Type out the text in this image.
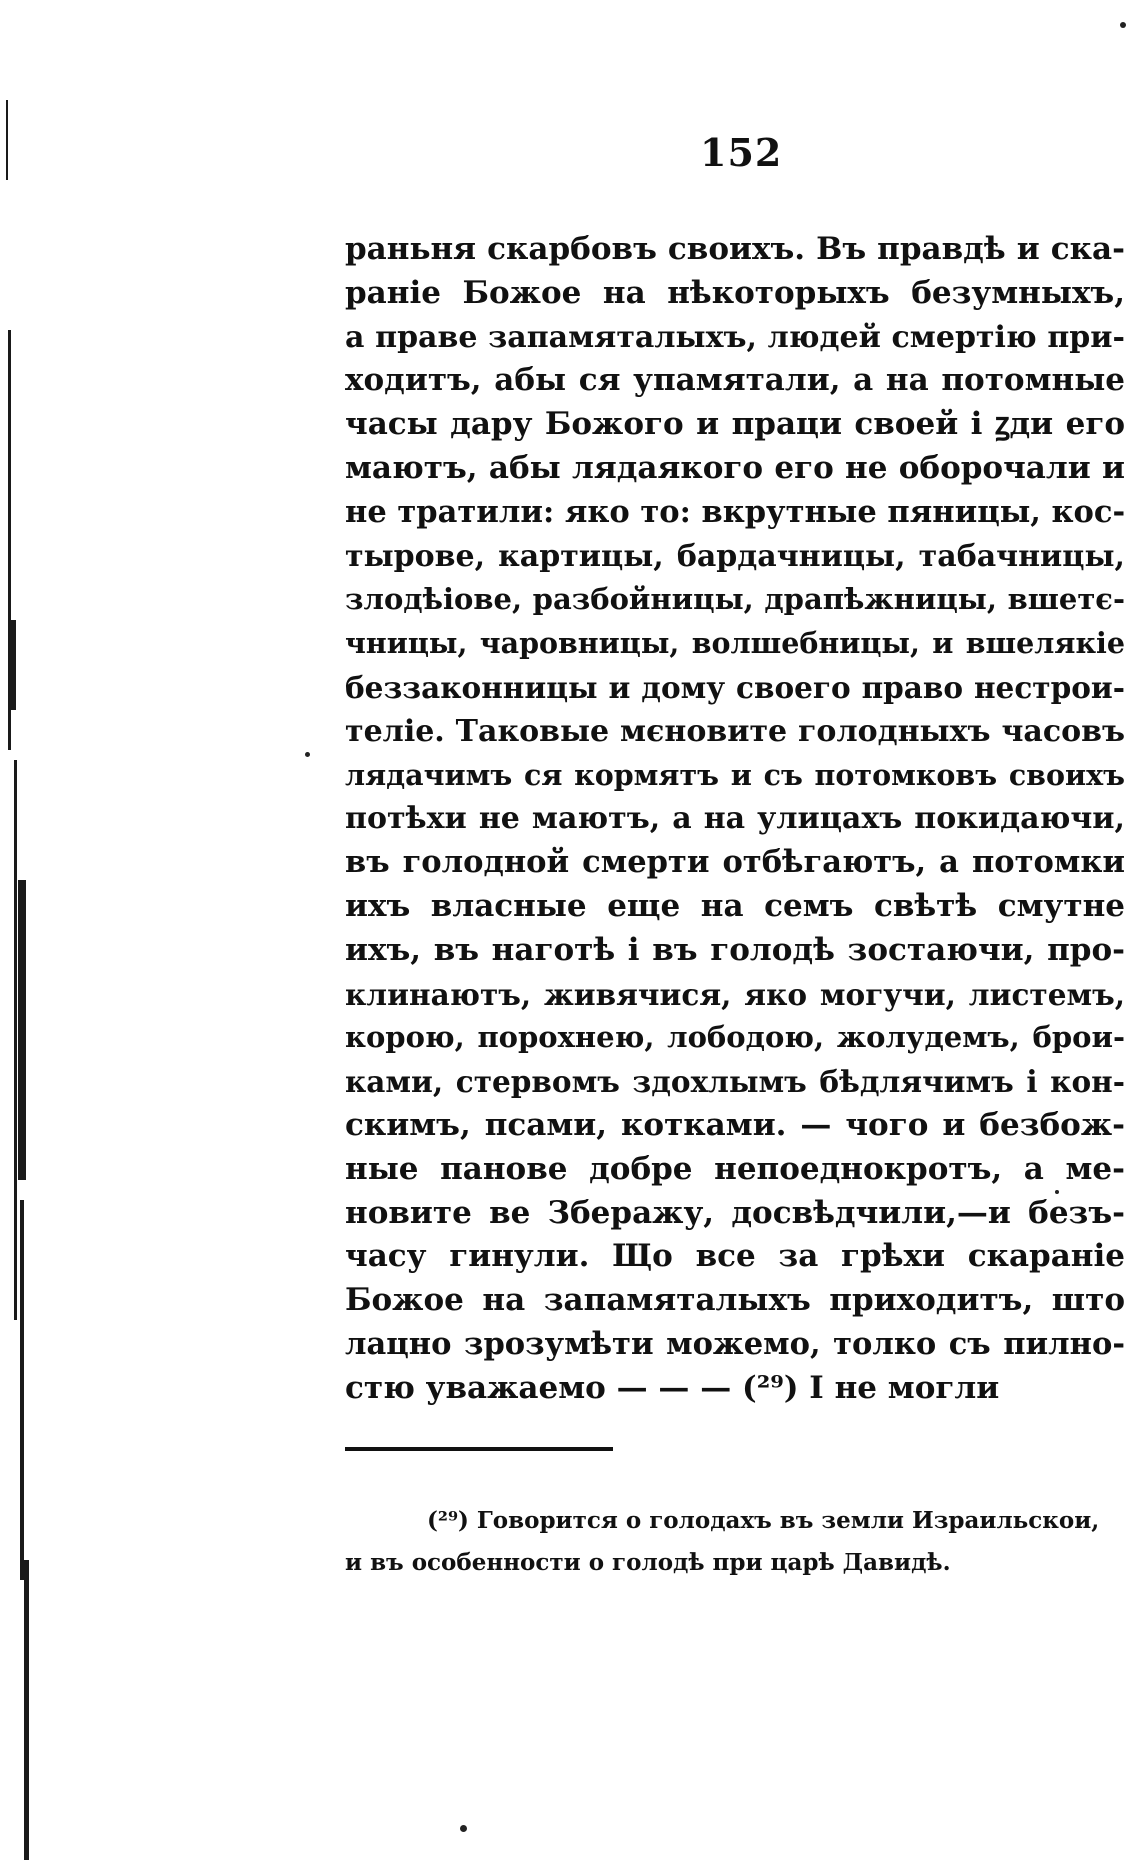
152
раньня скарбовъ своихъ. Въ правдѣ и ска-
раніе Божое на нѣкоторыхъ безумныхъ,
а праве запамяталыхъ, людей смертію при-
ходитъ, абы ся упамятали, а на потомные
часы дару Божого и праци своей і ꙁди его
маютъ, абы лядаякого его не оборочали и
не тратили: яко то: вкрутные пяницы, кос-
тырове, картицы, бардачницы, табачницы,
злодѣіове, разбойницы, драпѣжницы, вшетє-
чницы, чаровницы, волшебницы, и вшелякіе
беззаконницы и дому своего право нестрои-
теліе. Таковые мєновите голодныхъ часовъ
лядачимъ ся кормятъ и съ потомковъ своихъ
потѣхи не маютъ, а на улицахъ покидаючи,
въ голодной смерти отбѣгаютъ, а потомки
ихъ власные еще на семъ свѣтѣ смутне
ихъ, въ наготѣ і въ голодѣ зостаючи, про-
клинаютъ, живячися, яко могучи, листемъ,
корою, порохнею, лободою, жолудемъ, брои-
ками, стервомъ здохлымъ бѣдлячимъ і кон-
скимъ, псами, котками. — чого и безбож-
ные панове добре непоеднокротъ, а ме-
новите ве Зберажу, досвѣдчили,—и безъ-
часу гинули. Що все за грѣхи скараніе
Божое на запамяталыхъ приходитъ, што
лацно зрозумѣти можемо, толко съ пилно-
стю уважаемо — — — (²⁹) І не могли
(²⁹) Говорится о голодахъ въ земли Израильскои,
и въ особенности о голодѣ при царѣ Давидѣ.
